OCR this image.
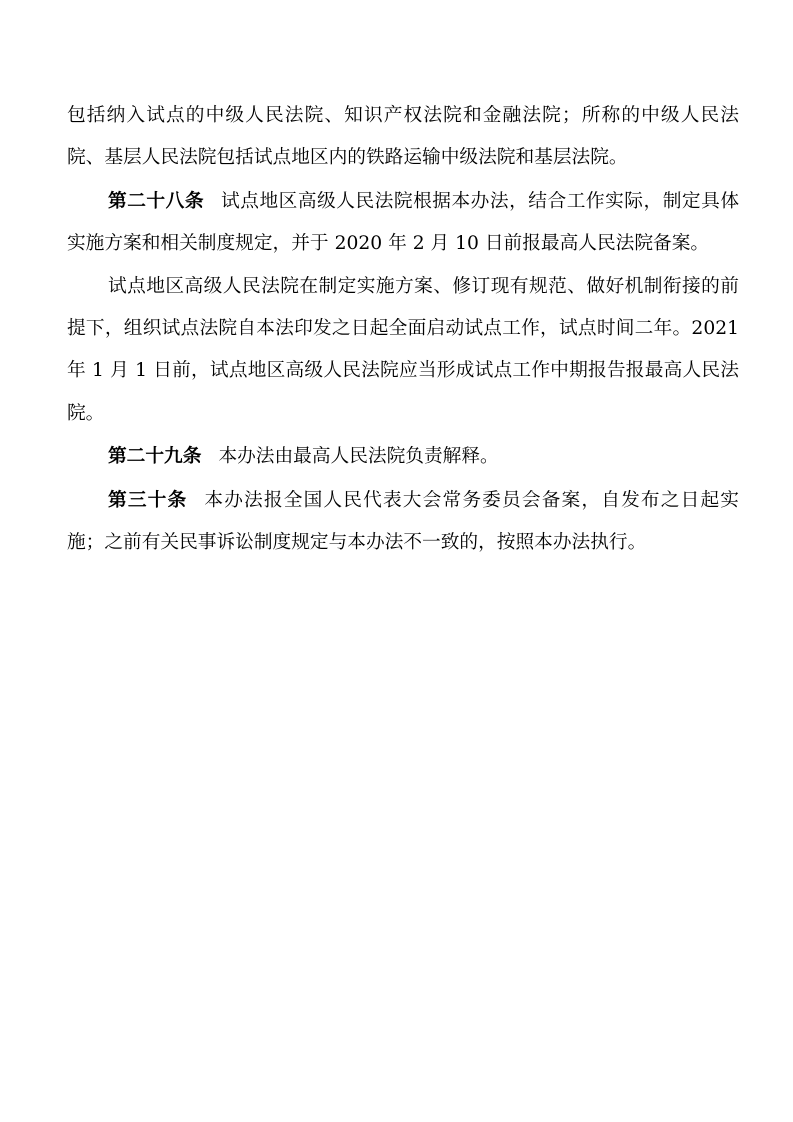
包括纳入试点的中级人民法院、知识产权法院和金融法院；所称的中级人民法院、基层人民法院包括试点地区内的铁路运输中级法院和基层法院。

第二十八条 试点地区高级人民法院根据本办法，结合工作实际，制定具体实施方案和相关制度规定，并于 2020 年 2 月 10 日前报最高人民法院备案。

试点地区高级人民法院在制定实施方案、修订现有规范、做好机制衔接的前提下，组织试点法院自本法印发之日起全面启动试点工作，试点时间二年。2021 年 1 月 1 日前，试点地区高级人民法院应当形成试点工作中期报告报最高人民法院。

第二十九条 本办法由最高人民法院负责解释。

第三十条 本办法报全国人民代表大会常务委员会备案，自发布之日起实施；之前有关民事诉讼制度规定与本办法不一致的，按照本办法执行。
